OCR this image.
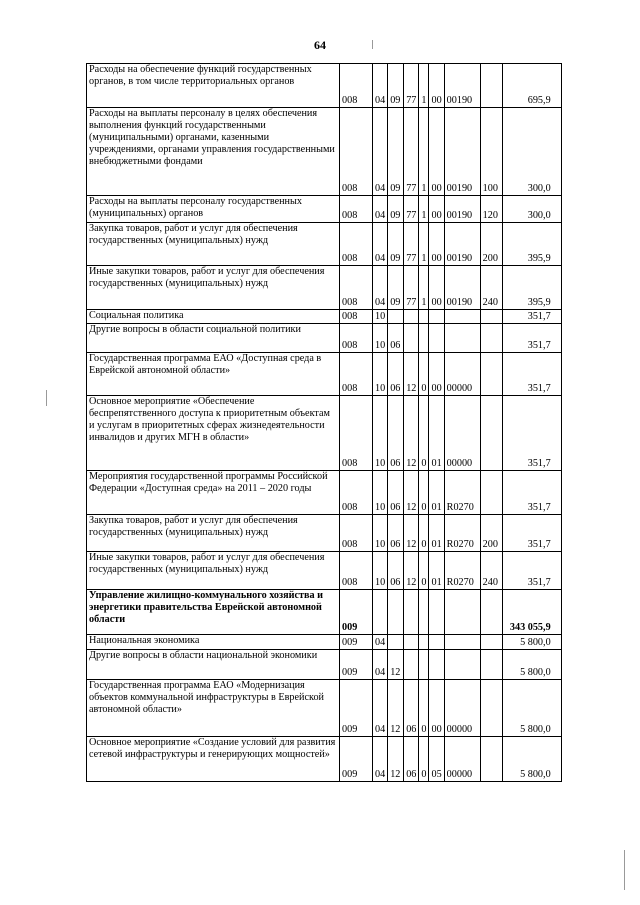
64
Расходы на обеспечение функций государственных органов, в том числе территориальных органов	008	04	09	77	1	00	00190		695,9
Расходы на выплаты персоналу в целях обеспечения выполнения функций государственными (муниципальными) органами, казенными учреждениями, органами управления государственными внебюджетными фондами	008	04	09	77	1	00	00190	100	300,0
Расходы на выплаты персоналу государственных (муниципальных) органов	008	04	09	77	1	00	00190	120	300,0
Закупка товаров, работ и услуг для обеспечения государственных (муниципальных) нужд	008	04	09	77	1	00	00190	200	395,9
Иные закупки товаров, работ и услуг для обеспечения государственных (муниципальных) нужд	008	04	09	77	1	00	00190	240	395,9
Социальная политика	008	10							351,7
Другие вопросы в области социальной политики	008	10	06						351,7
Государственная программа ЕАО «Доступная среда в Еврейской автономной области»	008	10	06	12	0	00	00000		351,7
Основное мероприятие «Обеспечение беспрепятственного доступа к приоритетным объектам и услугам в приоритетных сферах жизнедеятельности инвалидов и других МГН в области»	008	10	06	12	0	01	00000		351,7
Мероприятия государственной программы Российской Федерации «Доступная среда» на 2011 – 2020 годы	008	10	06	12	0	01	R0270		351,7
Закупка товаров, работ и услуг для обеспечения государственных (муниципальных) нужд	008	10	06	12	0	01	R0270	200	351,7
Иные закупки товаров, работ и услуг для обеспечения государственных (муниципальных) нужд	008	10	06	12	0	01	R0270	240	351,7
Управление жилищно-коммунального хозяйства и энергетики правительства Еврейской автономной области	009								343 055,9
Национальная экономика	009	04							5 800,0
Другие вопросы в области национальной экономики	009	04	12						5 800,0
Государственная программа ЕАО «Модернизация объектов коммунальной инфраструктуры в Еврейской автономной области»	009	04	12	06	0	00	00000		5 800,0
Основное мероприятие «Создание условий для развития сетевой инфраструктуры и генерирующих мощностей»	009	04	12	06	0	05	00000		5 800,0
